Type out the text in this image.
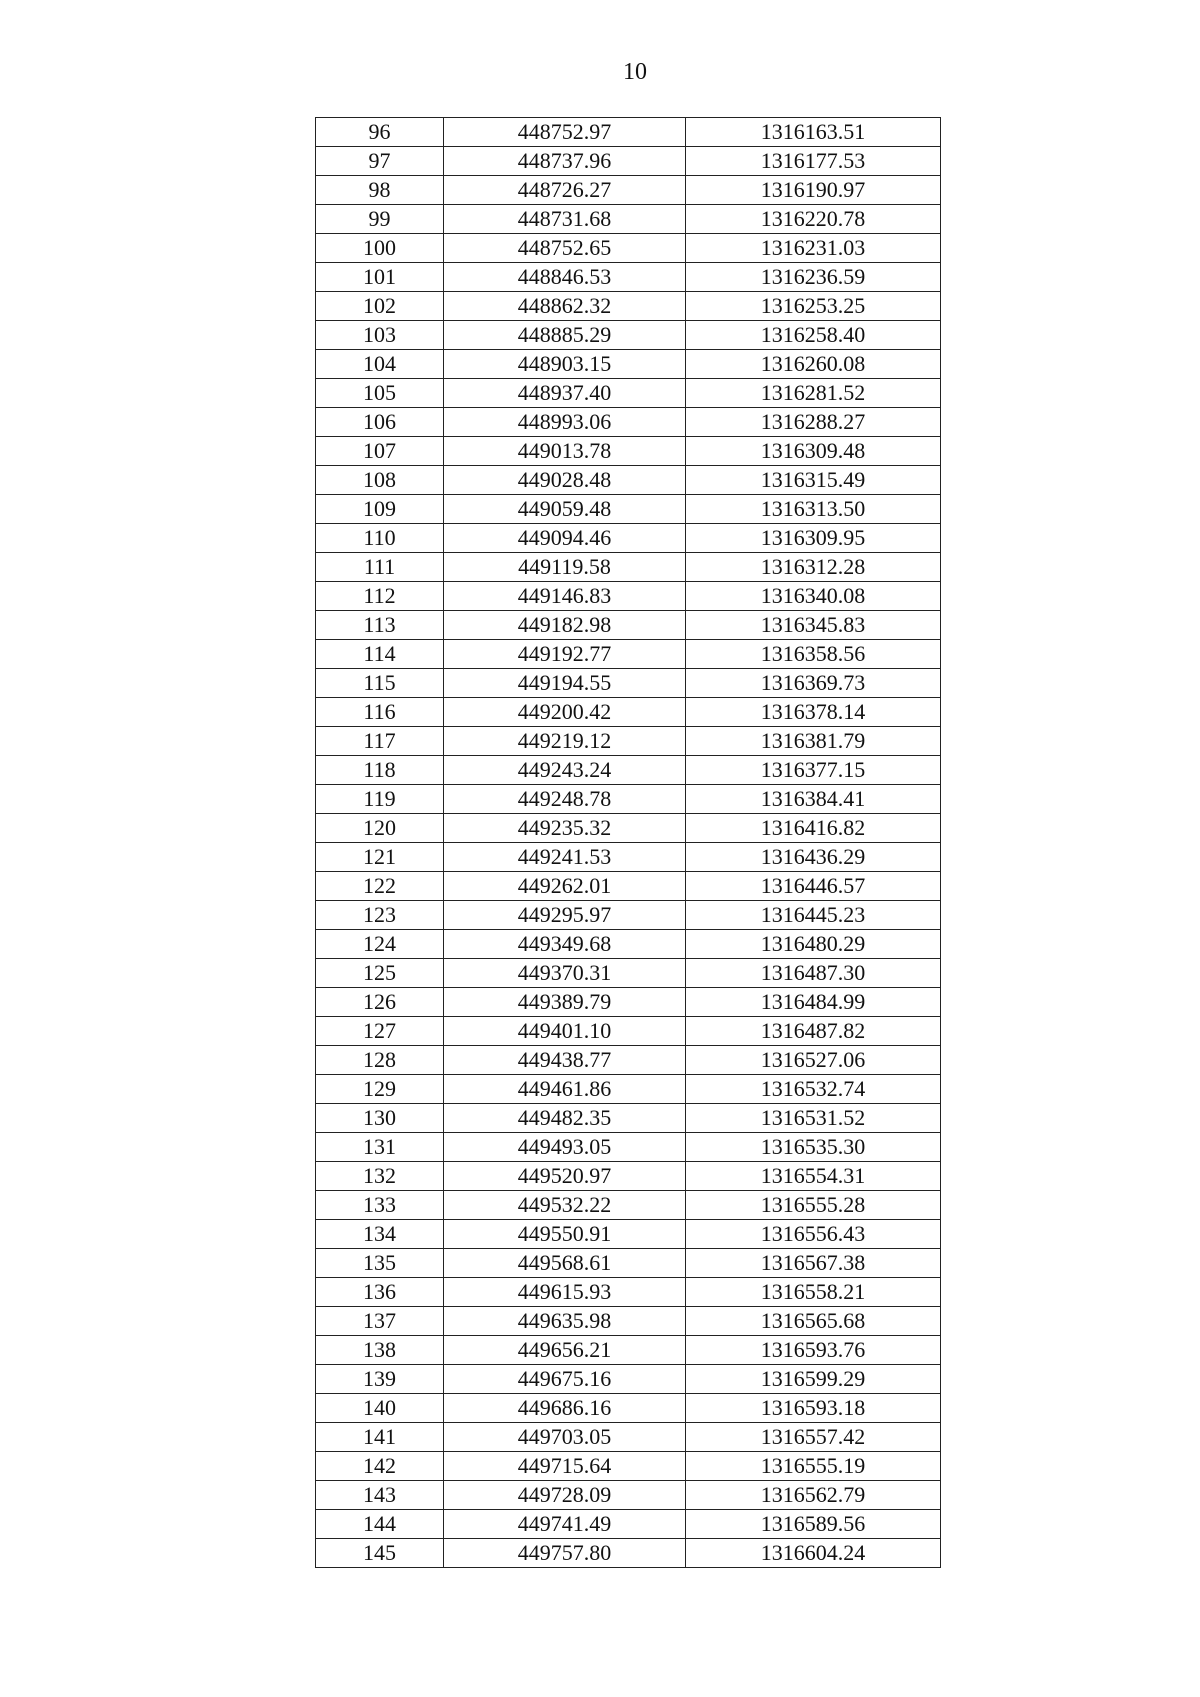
10
96	448752.97	1316163.51
97	448737.96	1316177.53
98	448726.27	1316190.97
99	448731.68	1316220.78
100	448752.65	1316231.03
101	448846.53	1316236.59
102	448862.32	1316253.25
103	448885.29	1316258.40
104	448903.15	1316260.08
105	448937.40	1316281.52
106	448993.06	1316288.27
107	449013.78	1316309.48
108	449028.48	1316315.49
109	449059.48	1316313.50
110	449094.46	1316309.95
111	449119.58	1316312.28
112	449146.83	1316340.08
113	449182.98	1316345.83
114	449192.77	1316358.56
115	449194.55	1316369.73
116	449200.42	1316378.14
117	449219.12	1316381.79
118	449243.24	1316377.15
119	449248.78	1316384.41
120	449235.32	1316416.82
121	449241.53	1316436.29
122	449262.01	1316446.57
123	449295.97	1316445.23
124	449349.68	1316480.29
125	449370.31	1316487.30
126	449389.79	1316484.99
127	449401.10	1316487.82
128	449438.77	1316527.06
129	449461.86	1316532.74
130	449482.35	1316531.52
131	449493.05	1316535.30
132	449520.97	1316554.31
133	449532.22	1316555.28
134	449550.91	1316556.43
135	449568.61	1316567.38
136	449615.93	1316558.21
137	449635.98	1316565.68
138	449656.21	1316593.76
139	449675.16	1316599.29
140	449686.16	1316593.18
141	449703.05	1316557.42
142	449715.64	1316555.19
143	449728.09	1316562.79
144	449741.49	1316589.56
145	449757.80	1316604.24
